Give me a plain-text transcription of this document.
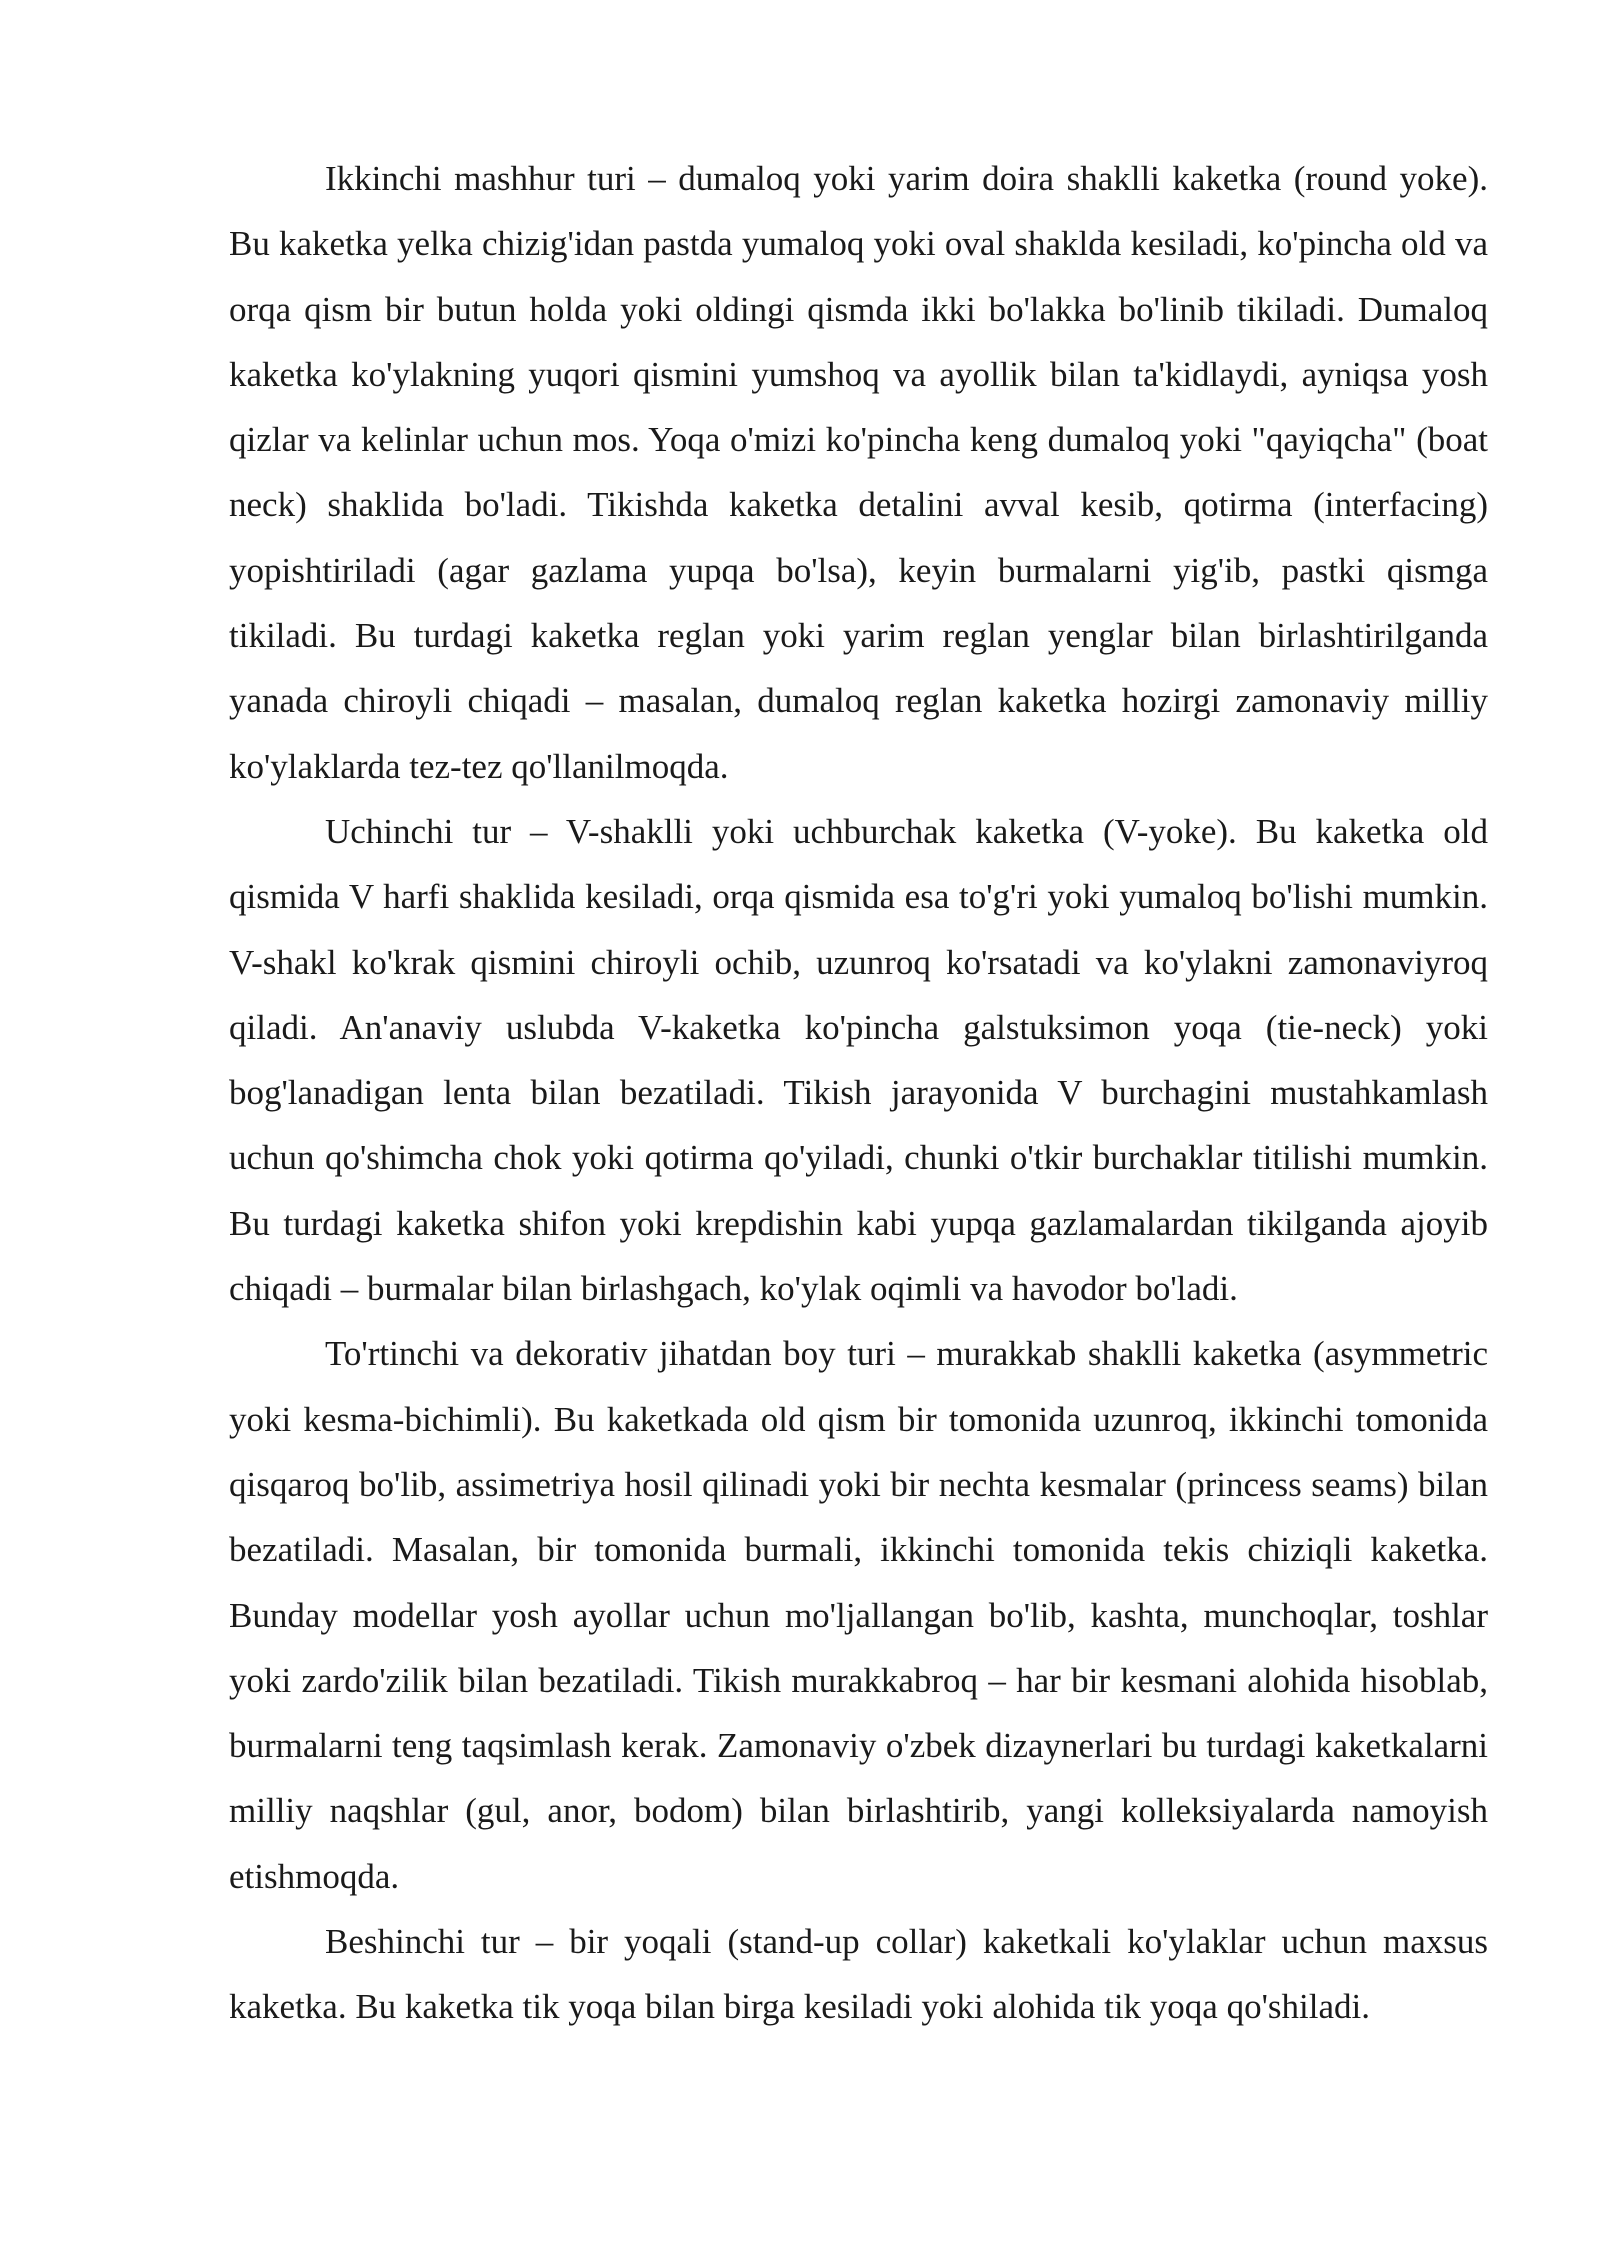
Ikkinchi mashhur turi – dumaloq yoki yarim doira shaklli kaketka (round yoke). Bu kaketka yelka chizig'idan pastda yumaloq yoki oval shaklda kesiladi, ko'pincha old va orqa qism bir butun holda yoki oldingi qismda ikki bo'lakka bo'linib tikiladi. Dumaloq kaketka ko'ylakning yuqori qismini yumshoq va ayollik bilan ta'kidlaydi, ayniqsa yosh qizlar va kelinlar uchun mos. Yoqa o'mizi ko'pincha keng dumaloq yoki "qayiqcha" (boat neck) shaklida bo'ladi. Tikishda kaketka detalini avval kesib, qotirma (interfacing) yopishtiriladi (agar gazlama yupqa bo'lsa), keyin burmalarni yig'ib, pastki qismga tikiladi. Bu turdagi kaketka reglan yoki yarim reglan yenglar bilan birlashtirilganda yanada chiroyli chiqadi – masalan, dumaloq reglan kaketka hozirgi zamonaviy milliy ko'ylaklarda tez-tez qo'llanilmoqda.

Uchinchi tur – V-shaklli yoki uchburchak kaketka (V-yoke). Bu kaketka old qismida V harfi shaklida kesiladi, orqa qismida esa to'g'ri yoki yumaloq bo'lishi mumkin. V-shakl ko'krak qismini chiroyli ochib, uzunroq ko'rsatadi va ko'ylakni zamonaviyroq qiladi. An'anaviy uslubda V-kaketka ko'pincha galstuksimon yoqa (tie-neck) yoki bog'lanadigan lenta bilan bezatiladi. Tikish jarayonida V burchagini mustahkamlash uchun qo'shimcha chok yoki qotirma qo'yiladi, chunki o'tkir burchaklar titilishi mumkin. Bu turdagi kaketka shifon yoki krepdishin kabi yupqa gazlamalardan tikilganda ajoyib chiqadi – burmalar bilan birlashgach, ko'ylak oqimli va havodor bo'ladi.

To'rtinchi va dekorativ jihatdan boy turi – murakkab shaklli kaketka (asymmetric yoki kesma-bichimli). Bu kaketkada old qism bir tomonida uzunroq, ikkinchi tomonida qisqaroq bo'lib, assimetriya hosil qilinadi yoki bir nechta kesmalar (princess seams) bilan bezatiladi. Masalan, bir tomonida burmali, ikkinchi tomonida tekis chiziqli kaketka. Bunday modellar yosh ayollar uchun mo'ljallangan bo'lib, kashta, munchoqlar, toshlar yoki zardo'zilik bilan bezatiladi. Tikish murakkabroq – har bir kesmani alohida hisoblab, burmalarni teng taqsimlash kerak. Zamonaviy o'zbek dizaynerlari bu turdagi kaketkalarni milliy naqshlar (gul, anor, bodom) bilan birlashtirib, yangi kolleksiyalarda namoyish etishmoqda.

Beshinchi tur – bir yoqali (stand-up collar) kaketkali ko'ylaklar uchun maxsus kaketka. Bu kaketka tik yoqa bilan birga kesiladi yoki alohida tik yoqa qo'shiladi.
